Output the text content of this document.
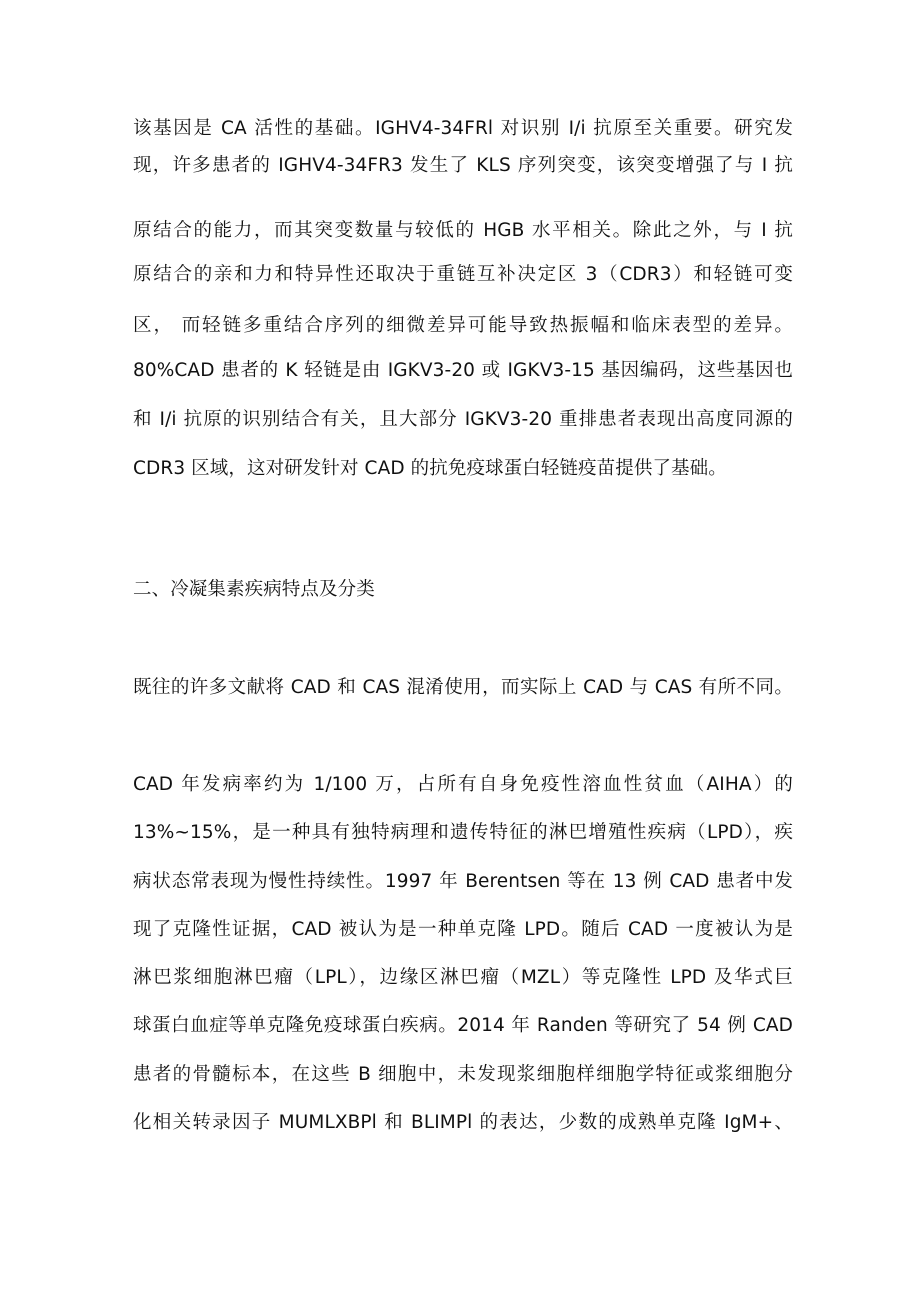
该基因是 CA 活性的基础。IGHV4-34FRl 对识别 I/i 抗原至关重要。研究发
现，许多患者的 IGHV4-34FR3 发生了 KLS 序列突变，该突变增强了与 I 抗
原结合的能力，而其突变数量与较低的 HGB 水平相关。除此之外，与 I 抗
原结合的亲和力和特异性还取决于重链互补决定区 3（CDR3）和轻链可变
区， 而轻链多重结合序列的细微差异可能导致热振幅和临床表型的差异。
80%CAD 患者的 K 轻链是由 IGKV3-20 或 IGKV3-15 基因编码，这些基因也
和 I/i 抗原的识别结合有关，且大部分 IGKV3-20 重排患者表现出高度同源的
CDR3 区域，这对研发针对 CAD 的抗免疫球蛋白轻链疫苗提供了基础。
二、冷凝集素疾病特点及分类
既往的许多文献将 CAD 和 CAS 混淆使用，而实际上 CAD 与 CAS 有所不同。
CAD 年发病率约为 1/100 万，占所有自身免疫性溶血性贫血（AIHA）的
13%~15%，是一种具有独特病理和遗传特征的淋巴增殖性疾病（LPD），疾
病状态常表现为慢性持续性。1997 年 Berentsen 等在 13 例 CAD 患者中发
现了克隆性证据，CAD 被认为是一种单克隆 LPD。随后 CAD 一度被认为是
淋巴浆细胞淋巴瘤（LPL），边缘区淋巴瘤（MZL）等克隆性 LPD 及华式巨
球蛋白血症等单克隆免疫球蛋白疾病。2014 年 Randen 等研究了 54 例 CAD
患者的骨髓标本，在这些 B 细胞中，未发现浆细胞样细胞学特征或浆细胞分
化相关转录因子 MUMLXBPl 和 BLIMPl 的表达，少数的成熟单克隆 IgM+、
